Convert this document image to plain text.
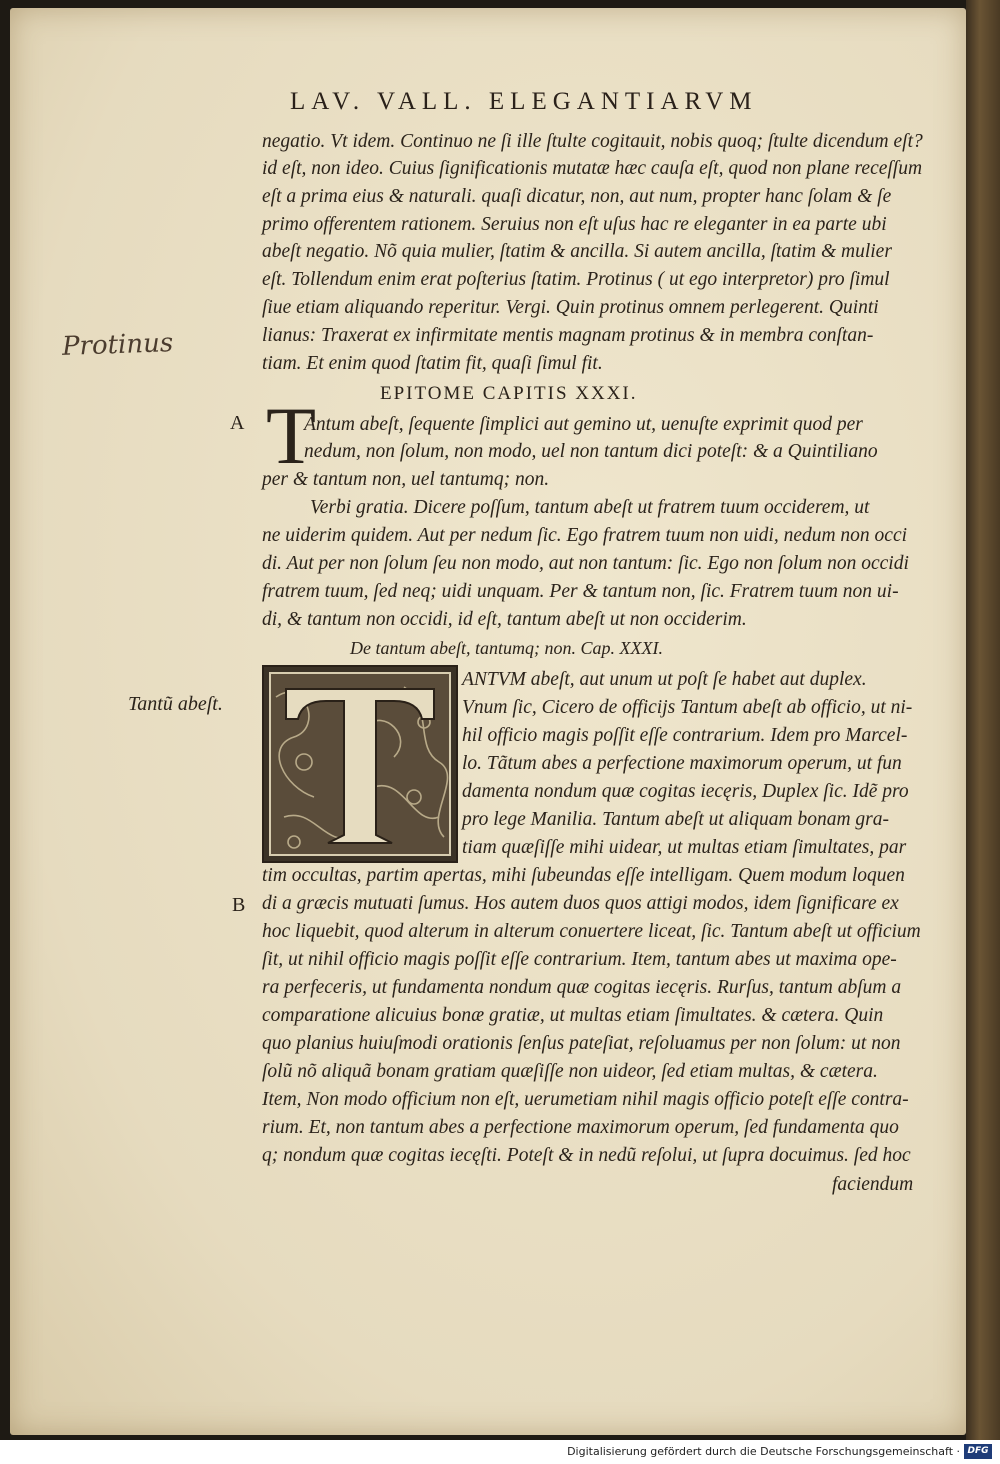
LAV. VALL. ELEGANTIARVM
Protinus
negatio. Vt idem. Continuo ne ſi ille ſtulte cogitauit, nobis quoq; ſtulte dicendum eſt?
id eſt, non ideo. Cuius ſignificationis mutatæ hæc cauſa eſt, quod non plane receſſum
eſt a prima eius & naturali. quaſi dicatur, non, aut num, propter hanc ſolam & ſe
primo offerentem rationem. Seruius non eſt uſus hac re eleganter in ea parte ubi
abeſt negatio. Nõ quia mulier, ſtatim & ancilla. Si autem ancilla, ſtatim & mulier
eſt. Tollendum enim erat poſterius ſtatim. Protinus ( ut ego interpretor) pro ſimul
ſiue etiam aliquando reperitur. Vergi. Quin protinus omnem perlegerent. Quinti
lianus: Traxerat ex infirmitate mentis magnam protinus & in membra conſtan-
tiam. Et enim quod ſtatim fit, quaſi ſimul fit.
EPITOME CAPITIS XXXI.
A T
Antum abeſt, ſequente ſimplici aut gemino ut, uenuſte exprimit quod per
nedum, non ſolum, non modo, uel non tantum dici poteſt: & a Quintiliano
per & tantum non, uel tantumq; non.
Verbi gratia. Dicere poſſum, tantum abeſt ut fratrem tuum occiderem, ut
ne uiderim quidem. Aut per nedum ſic. Ego fratrem tuum non uidi, nedum non occi
di. Aut per non ſolum ſeu non modo, aut non tantum: ſic. Ego non ſolum non occidi
fratrem tuum, ſed neq; uidi unquam. Per & tantum non, ſic. Fratrem tuum non ui-
di, & tantum non occidi, id eſt, tantum abeſt ut non occiderim.
De tantum abeſt, tantumq; non. Cap. XXXI.
Tantũ abeſt.
ANTVM abeſt, aut unum ut poſt ſe habet aut duplex.
Vnum ſic, Cicero de officijs Tantum abeſt ab officio, ut ni-
hil officio magis poſſit eſſe contrarium. Idem pro Marcel-
lo. Tãtum abes a perfectione maximorum operum, ut fun
damenta nondum quæ cogitas iecęris, Duplex ſic. Idẽ pro
pro lege Manilia. Tantum abeſt ut aliquam bonam gra-
tiam quæſiſſe mihi uidear, ut multas etiam ſimultates, par
tim occultas, partim apertas, mihi ſubeundas eſſe intelligam. Quem modum loquen
B di a græcis mutuati ſumus. Hos autem duos quos attigi modos, idem ſignificare ex
hoc liquebit, quod alterum in alterum conuertere liceat, ſic. Tantum abeſt ut officium
ſit, ut nihil officio magis poſſit eſſe contrarium. Item, tantum abes ut maxima ope-
ra perfeceris, ut fundamenta nondum quæ cogitas iecęris. Rurſus, tantum abſum a
comparatione alicuius bonæ gratiæ, ut multas etiam ſimultates. & cætera. Quin
quo planius huiuſmodi orationis ſenſus pateſiat, reſoluamus per non ſolum: ut non
ſolũ nõ aliquã bonam gratiam quæſiſſe non uideor, ſed etiam multas, & cætera.
Item, Non modo officium non eſt, uerumetiam nihil magis officio poteſt eſſe contra-
rium. Et, non tantum abes a perfectione maximorum operum, ſed fundamenta quo
q; nondum quæ cogitas iecęſti. Poteſt & in nedũ reſolui, ut ſupra docuimus. ſed hoc
faciendum
Digitalisierung gefördert durch die Deutsche Forschungsgemeinschaft · DFG
